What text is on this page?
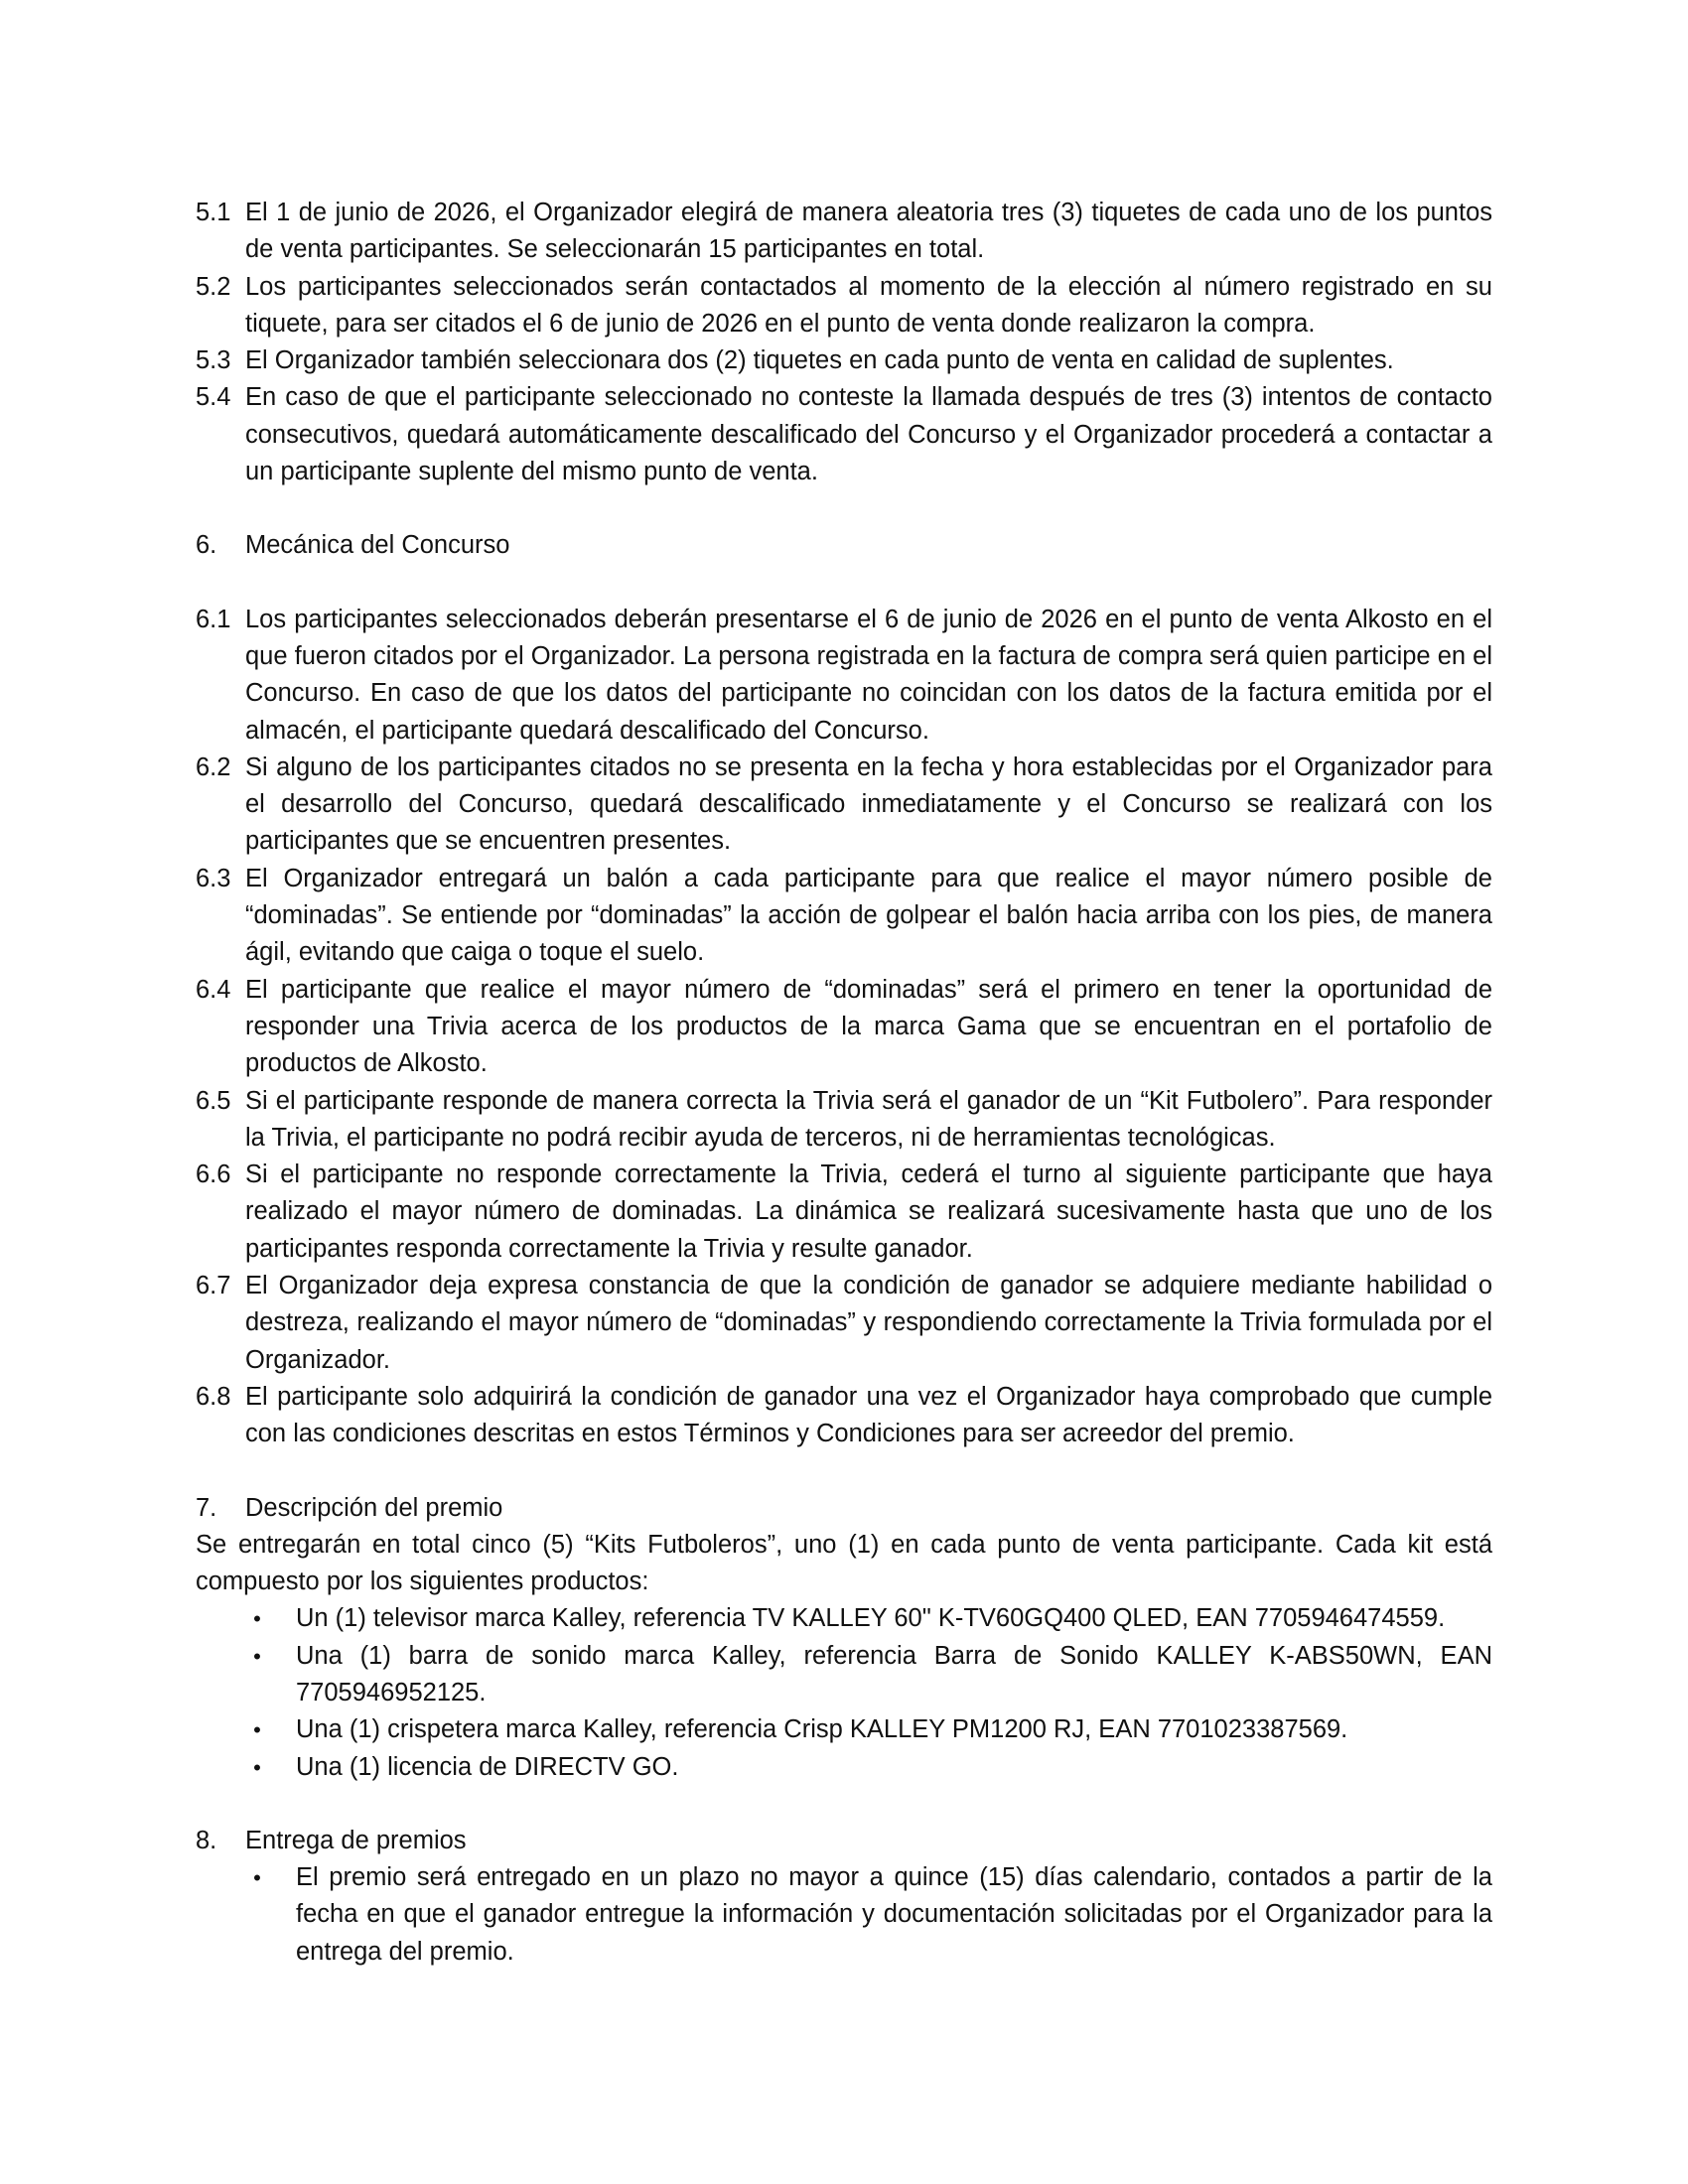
5.1 El 1 de junio de 2026, el Organizador elegirá de manera aleatoria tres (3) tiquetes de cada uno de los puntos de venta participantes. Se seleccionarán 15 participantes en total.
5.2 Los participantes seleccionados serán contactados al momento de la elección al número registrado en su tiquete, para ser citados el 6 de junio de 2026 en el punto de venta donde realizaron la compra.
5.3 El Organizador también seleccionara dos (2) tiquetes en cada punto de venta en calidad de suplentes.
5.4 En caso de que el participante seleccionado no conteste la llamada después de tres (3) intentos de contacto consecutivos, quedará automáticamente descalificado del Concurso y el Organizador procederá a contactar a un participante suplente del mismo punto de venta.
6. Mecánica del Concurso
6.1 Los participantes seleccionados deberán presentarse el 6 de junio de 2026 en el punto de venta Alkosto en el que fueron citados por el Organizador. La persona registrada en la factura de compra será quien participe en el Concurso. En caso de que los datos del participante no coincidan con los datos de la factura emitida por el almacén, el participante quedará descalificado del Concurso.
6.2 Si alguno de los participantes citados no se presenta en la fecha y hora establecidas por el Organizador para el desarrollo del Concurso, quedará descalificado inmediatamente y el Concurso se realizará con los participantes que se encuentren presentes.
6.3 El Organizador entregará un balón a cada participante para que realice el mayor número posible de “dominadas”. Se entiende por “dominadas” la acción de golpear el balón hacia arriba con los pies, de manera ágil, evitando que caiga o toque el suelo.
6.4 El participante que realice el mayor número de “dominadas” será el primero en tener la oportunidad de responder una Trivia acerca de los productos de la marca Gama que se encuentran en el portafolio de productos de Alkosto.
6.5 Si el participante responde de manera correcta la Trivia será el ganador de un “Kit Futbolero”. Para responder la Trivia, el participante no podrá recibir ayuda de terceros, ni de herramientas tecnológicas.
6.6 Si el participante no responde correctamente la Trivia, cederá el turno al siguiente participante que haya realizado el mayor número de dominadas. La dinámica se realizará sucesivamente hasta que uno de los participantes responda correctamente la Trivia y resulte ganador.
6.7 El Organizador deja expresa constancia de que la condición de ganador se adquiere mediante habilidad o destreza, realizando el mayor número de “dominadas” y respondiendo correctamente la Trivia formulada por el Organizador.
6.8 El participante solo adquirirá la condición de ganador una vez el Organizador haya comprobado que cumple con las condiciones descritas en estos Términos y Condiciones para ser acreedor del premio.
7. Descripción del premio

Se entregarán en total cinco (5) “Kits Futboleros”, uno (1) en cada punto de venta participante. Cada kit está compuesto por los siguientes productos:

• Un (1) televisor marca Kalley, referencia TV KALLEY 60" K-TV60GQ400 QLED, EAN 7705946474559.
• Una (1) barra de sonido marca Kalley, referencia Barra de Sonido KALLEY K-ABS50WN, EAN 7705946952125.
• Una (1) crispetera marca Kalley, referencia Crisp KALLEY PM1200 RJ, EAN 7701023387569.
• Una (1) licencia de DIRECTV GO.
8. Entrega de premios
• El premio será entregado en un plazo no mayor a quince (15) días calendario, contados a partir de la fecha en que el ganador entregue la información y documentación solicitadas por el Organizador para la entrega del premio.
